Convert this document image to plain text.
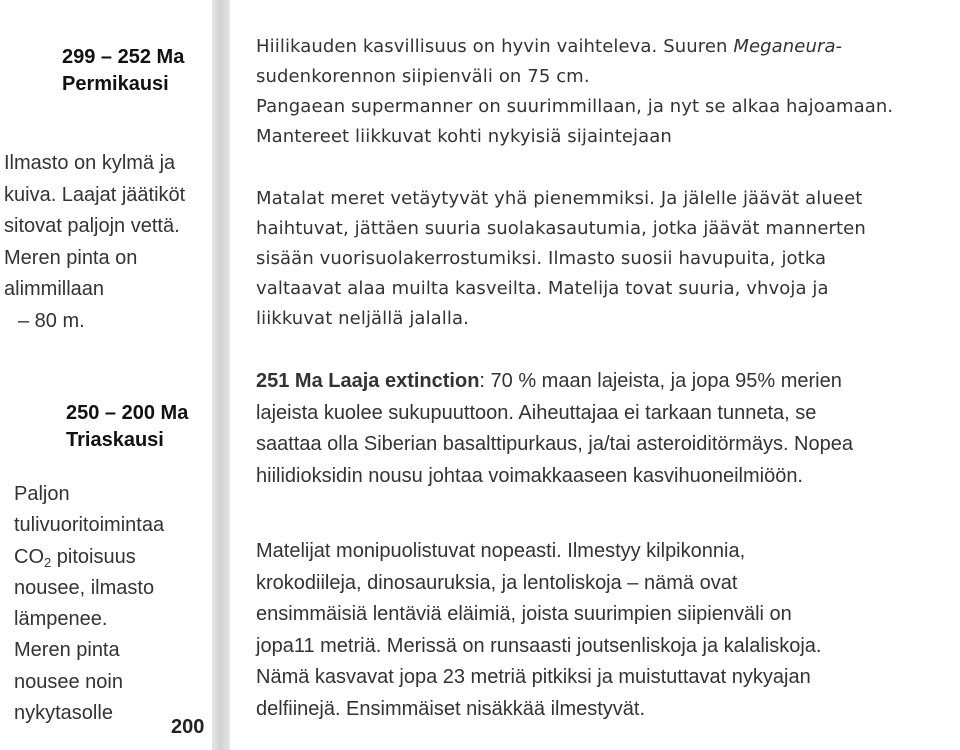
299 – 252 Ma
Permikausi
Ilmasto on kylmä ja
kuiva. Laajat jäätiköt
sitovat paljojn vettä.
Meren pinta on
alimmillaan
– 80 m.
250 – 200 Ma
Triaskausi
Paljon
tulivuoritoimintaa
$CO_2$ pitoisuus
nousee, ilmasto
lämpenee.
Meren pinta
nousee noin
nykytasolle
200
Hiilikauden kasvillisuus on hyvin vaihteleva. Suuren Meganeura-
sudenkorennon siipienväli on 75 cm.
Pangaean supermanner on suurimmillaan, ja nyt se alkaa hajoamaan.
Mantereet liikkuvat kohti nykyisiä sijaintejaan
Matalat meret vetäytyvät yhä pienemmiksi. Ja jälelle jäävät alueet
haihtuvat, jättäen suuria suolakasautumia, jotka jäävät mannerten
sisään vuorisuolakerrostumiksi. Ilmasto suosii havupuita, jotka
valtaavat alaa muilta kasveilta. Matelija tovat suuria, vhvoja ja
liikkuvat neljällä jalalla.
251 Ma Laaja extinction: 70 % maan lajeista, ja jopa 95% merien
lajeista kuolee sukupuuttoon. Aiheuttajaa ei tarkaan tunneta, se
saattaa olla Siberian basalttipurkaus, ja/tai asteroiditörmäys. Nopea
hiilidioksidin nousu johtaa voimakkaaseen kasvihuoneilmiöön.
Matelijat monipuolistuvat nopeasti. Ilmestyy kilpikonnia,
krokodiileja, dinosauruksia, ja lentoliskoja – nämä ovat
ensimmäisiä lentäviä eläimiä, joista suurimpien siipienväli on
jopa11 metriä. Merissä on runsaasti joutsenliskoja ja kalaliskoja.
Nämä kasvavat jopa 23 metriä pitkiksi ja muistuttavat nykyajan
delfiinejä. Ensimmäiset nisäkkää ilmestyvät.
